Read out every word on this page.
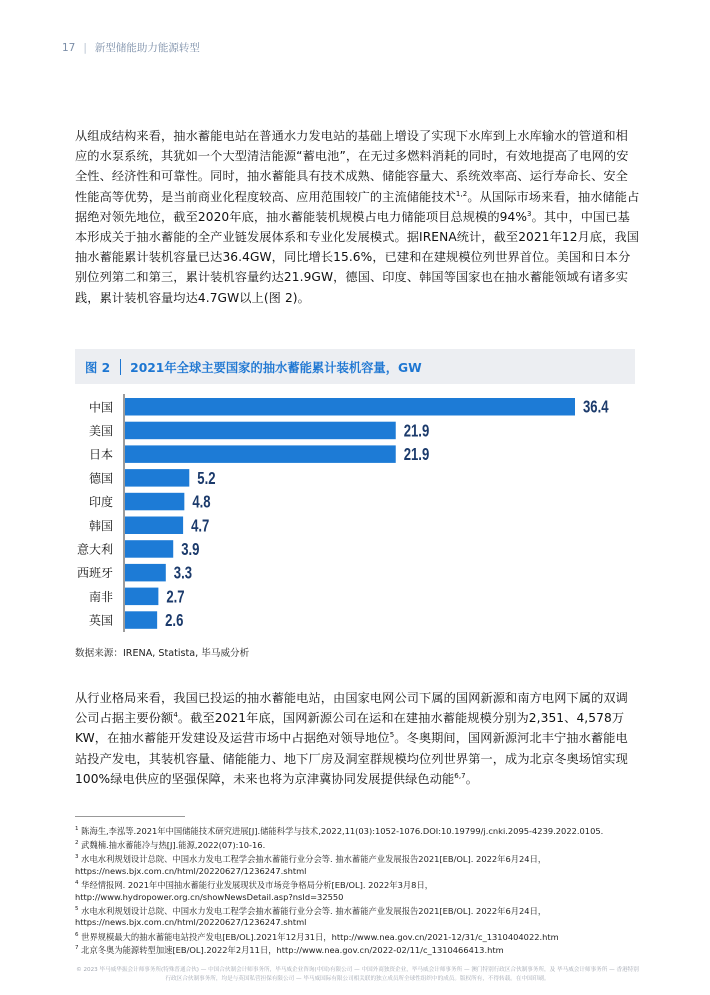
17 | 新型储能助力能源转型

从组成结构来看，抽水蓄能电站在普通水力发电站的基础上增设了实现下水库到上水库输水的管道和相应的水泵系统，其犹如一个大型清洁能源“蓄电池”，在无过多燃料消耗的同时，有效地提高了电网的安全性、经济性和可靠性。同时，抽水蓄能具有技术成熟、储能容量大、系统效率高、运行寿命长、安全性能高等优势，是当前商业化程度较高、应用范围较广的主流储能技术$^{1,2}$。从国际市场来看，抽水储能占据绝对领先地位，截至2020年底，抽水蓄能装机规模占电力储能项目总规模的94%$^3$。其中，中国已基本形成关于抽水蓄能的全产业链发展体系和专业化发展模式。据IRENA统计，截至2021年12月底，我国抽水蓄能累计装机容量已达36.4GW，同比增长15.6%，已建和在建规模位列世界首位。美国和日本分别位列第二和第三，累计装机容量约达21.9GW，德国、印度、韩国等国家也在抽水蓄能领域有诸多实践，累计装机容量均达4.7GW以上(图 2)。

图 2 2021年全球主要国家的抽水蓄能累计装机容量，GW
中国	36.4
美国	21.9
日本	21.9
德国	5.2
印度	4.8
韩国	4.7
意大利	3.9
西班牙	3.3
南非	2.7
英国	2.6
数据来源：IRENA, Statista, 毕马威分析

从行业格局来看，我国已投运的抽水蓄能电站，由国家电网公司下属的国网新源和南方电网下属的双调公司占据主要份额$^4$。截至2021年底，国网新源公司在运和在建抽水蓄能规模分别为2,351、4,578万KW，在抽水蓄能开发建设及运营市场中占据绝对领导地位$^5$。冬奥期间，国网新源河北丰宁抽水蓄能电站投产发电，其装机容量、储能能力、地下厂房及洞室群规模均位列世界第一，成为北京冬奥场馆实现100%绿电供应的坚强保障，未来也将为京津冀协同发展提供绿色动能$^{6,7}$。

$^1$ 陈海生,李泓等.2021年中国储能技术研究进展[J].储能科学与技术,2022,11(03):1052-1076.DOI:10.19799/j.cnki.2095-4239.2022.0105.

$^2$ 武魏楠.抽水蓄能冷与热[J].能源,2022(07):10-16.

$^3$ 水电水利规划设计总院、中国水力发电工程学会抽水蓄能行业分会等. 抽水蓄能产业发展报告2021[EB/OL]. 2022年6月24日，https://news.bjx.com.cn/html/20220627/1236247.shtml

$^4$ 华经情报网. 2021年中国抽水蓄能行业发展现状及市场竞争格局分析[EB/OL]. 2022年3月8日，http://www.hydropower.org.cn/showNewsDetail.asp?nsId=32550

$^5$ 水电水利规划设计总院、中国水力发电工程学会抽水蓄能行业分会等. 抽水蓄能产业发展报告2021[EB/OL]. 2022年6月24日，https://news.bjx.com.cn/html/20220627/1236247.shtml

$^6$ 世界规模最大的抽水蓄能电站投产发电[EB/OL].2021年12月31日，http://www.nea.gov.cn/2021-12/31/c_1310404022.htm

$^7$ 北京冬奥为能源转型加速[EB/OL].2022年2月11日，http://www.nea.gov.cn/2022-02/11/c_1310466413.htm

© 2023 毕马威华振会计师事务所(特殊普通合伙) — 中国合伙制会计师事务所，毕马威企业咨询(中国)有限公司 — 中国外商独资企业，毕马威会计师事务所 — 澳门特别行政区合伙制事务所，及 毕马威会计师事务所 — 香港特别行政区合伙制事务所，均是与英国私营担保有限公司 — 毕马威国际有限公司相关联的独立成员所全球性组织中的成员。版权所有，不得转载。在中国印刷。
